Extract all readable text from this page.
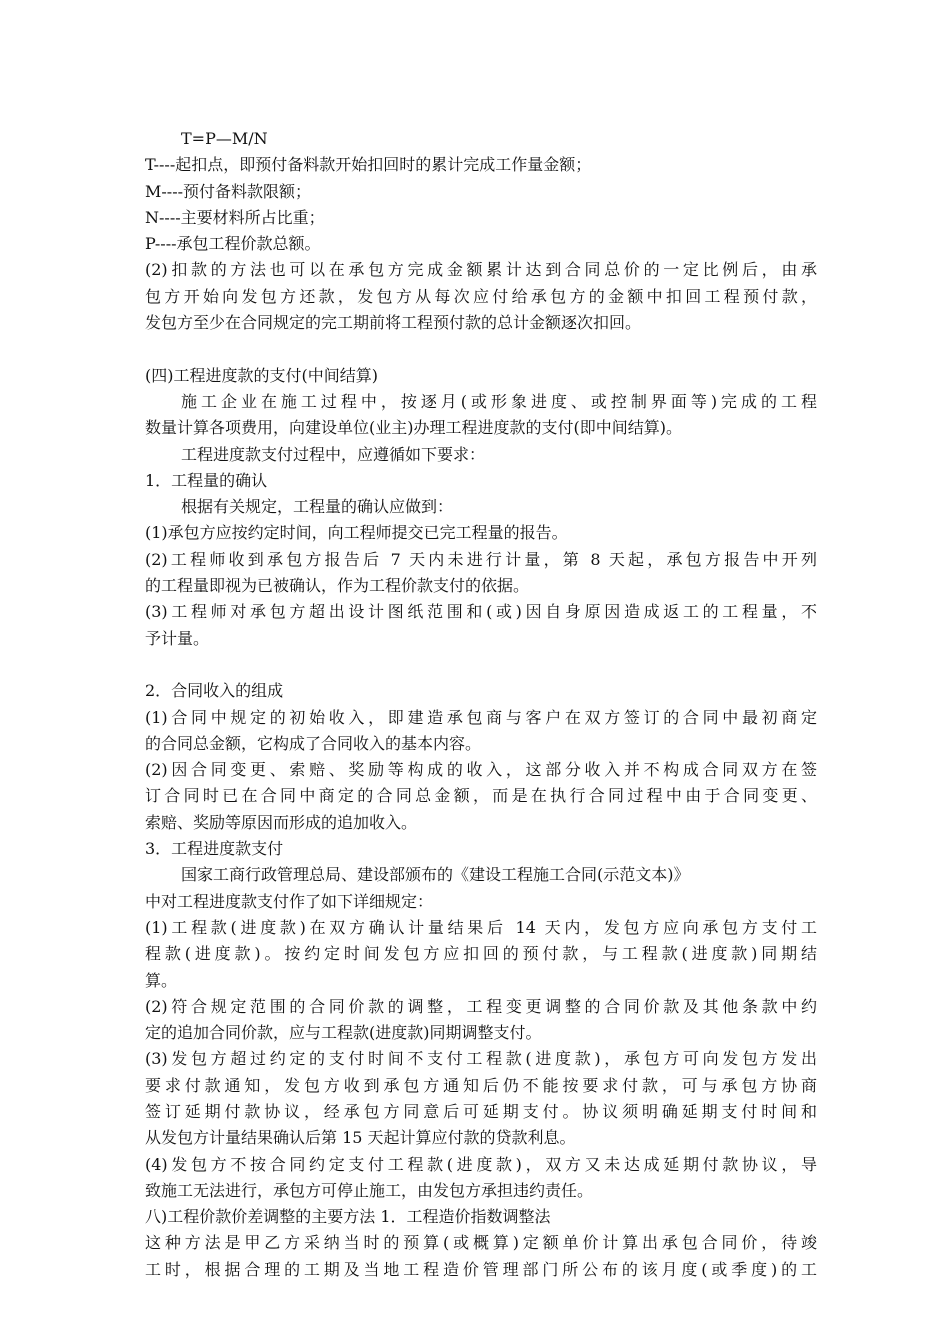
T=P—M/N
T----起扣点，即预付备料款开始扣回时的累计完成工作量金额；
M----预付备料款限额；
N----主要材料所占比重；
P----承包工程价款总额。
(2)扣款的方法也可以在承包方完成金额累计达到合同总价的一定比例后，由承
包方开始向发包方还款，发包方从每次应付给承包方的金额中扣回工程预付款，
发包方至少在合同规定的完工期前将工程预付款的总计金额逐次扣回。
(四)工程进度款的支付(中间结算)
施工企业在施工过程中，按逐月(或形象进度、或控制界面等)完成的工程
数量计算各项费用，向建设单位(业主)办理工程进度款的支付(即中间结算)。
工程进度款支付过程中，应遵循如下要求：
1．工程量的确认
根据有关规定，工程量的确认应做到：
(1)承包方应按约定时间，向工程师提交已完工程量的报告。
(2)工程师收到承包方报告后 7 天内未进行计量，第 8 天起，承包方报告中开列
的工程量即视为已被确认，作为工程价款支付的依据。
(3)工程师对承包方超出设计图纸范围和(或)因自身原因造成返工的工程量，不
予计量。
2．合同收入的组成
(1)合同中规定的初始收入，即建造承包商与客户在双方签订的合同中最初商定
的合同总金额，它构成了合同收入的基本内容。
(2)因合同变更、索赔、奖励等构成的收入，这部分收入并不构成合同双方在签
订合同时已在合同中商定的合同总金额，而是在执行合同过程中由于合同变更、
索赔、奖励等原因而形成的追加收入。
3．工程进度款支付
国家工商行政管理总局、建设部颁布的《建设工程施工合同(示范文本)》
中对工程进度款支付作了如下详细规定：
(1)工程款(进度款)在双方确认计量结果后 14 天内，发包方应向承包方支付工
程款(进度款)。按约定时间发包方应扣回的预付款，与工程款(进度款)同期结
算。
(2)符合规定范围的合同价款的调整，工程变更调整的合同价款及其他条款中约
定的追加合同价款，应与工程款(进度款)同期调整支付。
(3)发包方超过约定的支付时间不支付工程款(进度款)，承包方可向发包方发出
要求付款通知，发包方收到承包方通知后仍不能按要求付款，可与承包方协商
签订延期付款协议，经承包方同意后可延期支付。协议须明确延期支付时间和
从发包方计量结果确认后第 15 天起计算应付款的贷款利息。
(4)发包方不按合同约定支付工程款(进度款)，双方又未达成延期付款协议，导
致施工无法进行，承包方可停止施工，由发包方承担违约责任。
八)工程价款价差调整的主要方法 1．工程造价指数调整法
这种方法是甲乙方采纳当时的预算(或概算)定额单价计算出承包合同价，待竣
工时，根据合理的工期及当地工程造价管理部门所公布的该月度(或季度)的工
